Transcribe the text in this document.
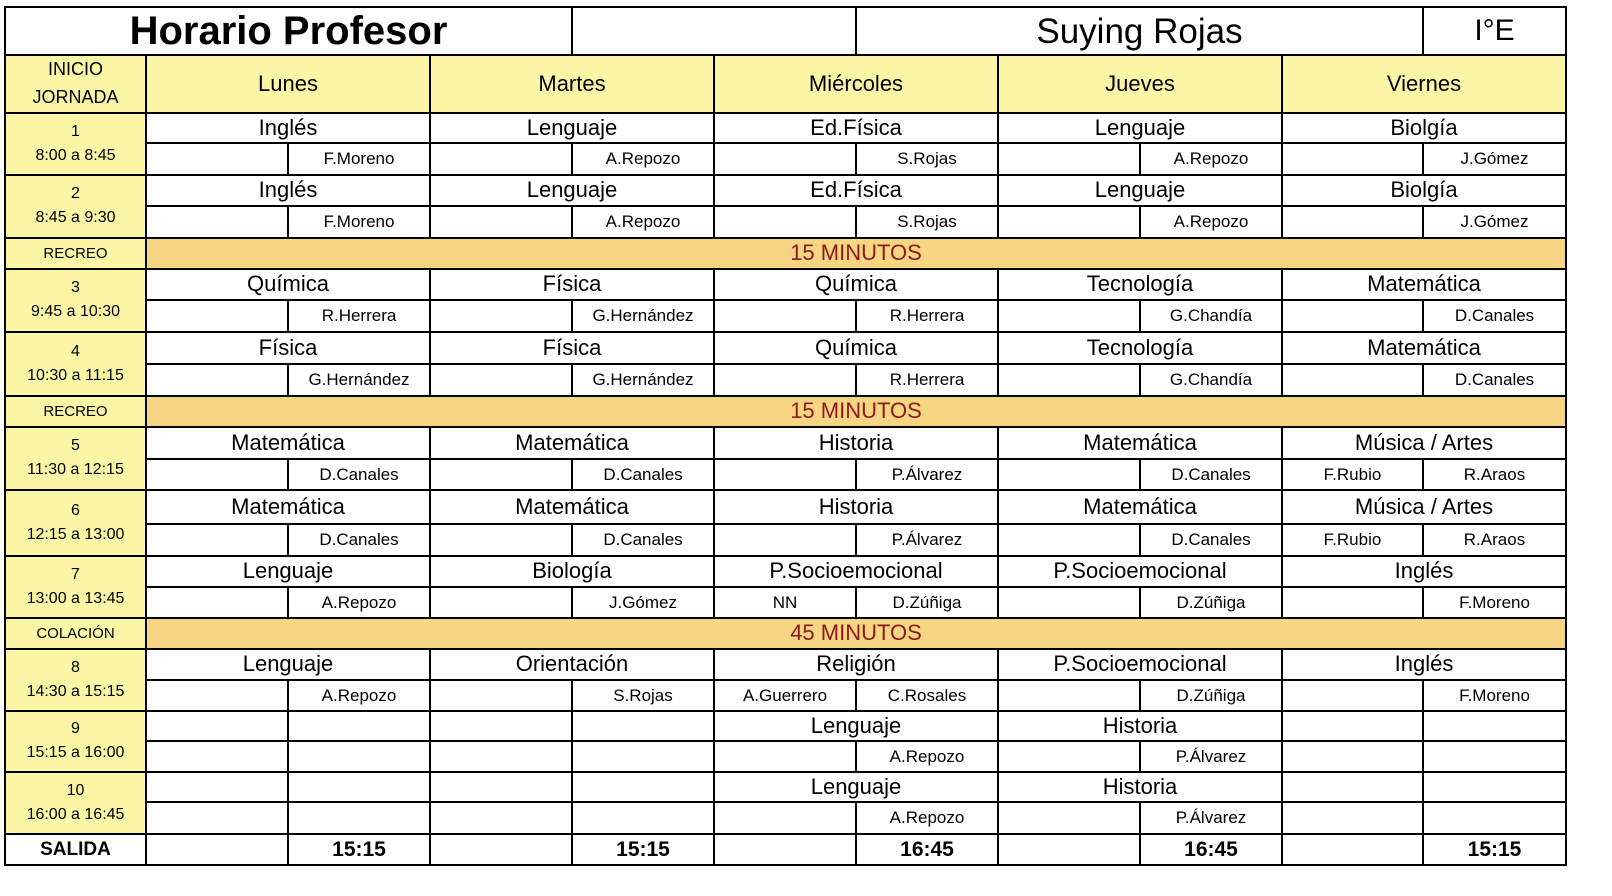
Horario Profesor						Suying Rojas				I°E
INICIO
JORNADA	Lunes		Martes		Miércoles		Jueves		Viernes	

1
8:00 a 8:45	Inglés		Lenguaje		Ed.Física		Lenguaje		Biolgía	
		F.Moreno		A.Repozo		S.Rojas		A.Repozo		J.Gómez

2
8:45 a 9:30	Inglés		Lenguaje		Ed.Física		Lenguaje		Biolgía	
		F.Moreno		A.Repozo		S.Rojas		A.Repozo		J.Gómez
RECREO	15 MINUTOS									

3
9:45 a 10:30	Química		Física		Química		Tecnología		Matemática	
		R.Herrera		G.Hernández		R.Herrera		G.Chandía		D.Canales

4
10:30 a 11:15	Física		Física		Química		Tecnología		Matemática	
		G.Hernández		G.Hernández		R.Herrera		G.Chandía		D.Canales
RECREO	15 MINUTOS									

5
11:30 a 12:15	Matemática		Matemática		Historia		Matemática		Música / Artes	
		D.Canales		D.Canales		P.Álvarez		D.Canales	F.Rubio	R.Araos

6
12:15 a 13:00	Matemática		Matemática		Historia		Matemática		Música / Artes	
		D.Canales		D.Canales		P.Álvarez		D.Canales	F.Rubio	R.Araos

7
13:00 a 13:45	Lenguaje		Biología		P.Socioemocional		P.Socioemocional		Inglés	
		A.Repozo		J.Gómez	NN	D.Zúñiga		D.Zúñiga		F.Moreno
COLACIÓN	45 MINUTOS									

8
14:30 a 15:15	Lenguaje		Orientación		Religión		P.Socioemocional		Inglés	
		A.Repozo		S.Rojas	A.Guerrero	C.Rosales		D.Zúñiga		F.Moreno

9
15:15 a 16:00					Lenguaje		Historia			
						A.Repozo		P.Álvarez		

10
16:00 a 16:45					Lenguaje		Historia			
						A.Repozo		P.Álvarez		
SALIDA		15:15		15:15		16:45		16:45		15:15
